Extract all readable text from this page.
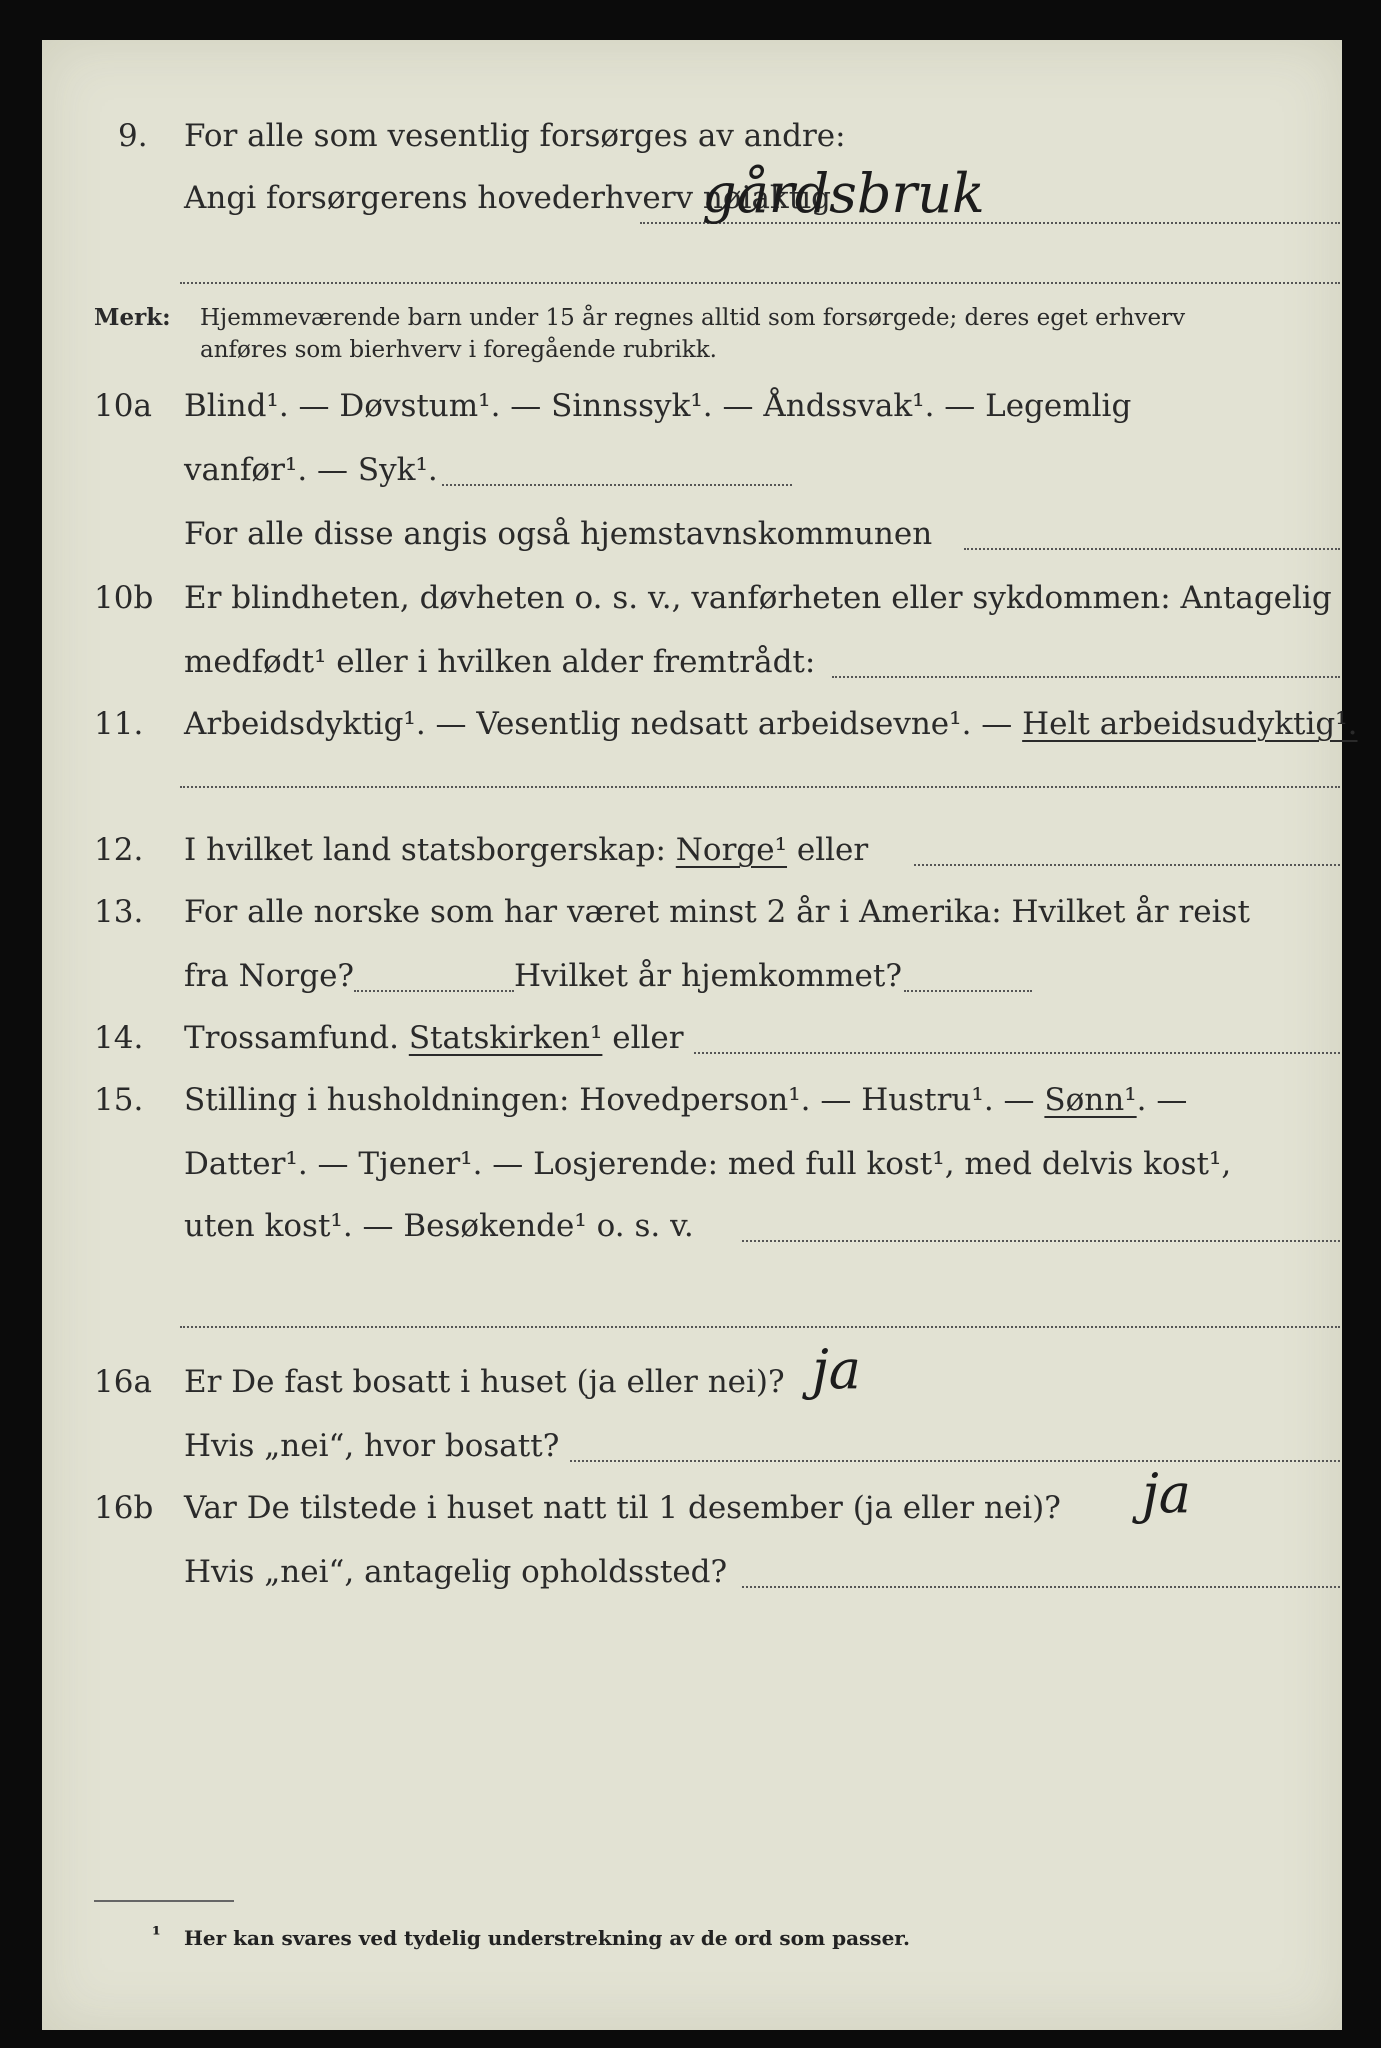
9. For alle som vesentlig forsørges av andre:
Angi forsørgerens hovederhverv nøiaktig
gårdsbruk
Merk: Hjemmeværende barn under 15 år regnes alltid som forsørgede; deres eget erhverv
anføres som bierhverv i foregående rubrikk.
10a Blind¹. — Døvstum¹. — Sinnssyk¹. — Åndssvak¹. — Legemlig
vanfør¹. — Syk¹.
For alle disse angis også hjemstavnskommunen
10b Er blindheten, døvheten o. s. v., vanførheten eller sykdommen: Antagelig
medfødt¹ eller i hvilken alder fremtrådt:
11. Arbeidsdyktig¹. — Vesentlig nedsatt arbeidsevne¹. — Helt arbeidsudyktig¹.
12. I hvilket land statsborgerskap: Norge¹ eller
13. For alle norske som har været minst 2 år i Amerika: Hvilket år reist
fra Norge?	Hvilket år hjemkommet?
14. Trossamfund. Statskirken¹ eller
15. Stilling i husholdningen: Hovedperson¹. — Hustru¹. — Sønn¹. —
Datter¹. — Tjener¹. — Losjerende: med full kost¹, med delvis kost¹,
uten kost¹. — Besøkende¹ o. s. v.
16a Er De fast bosatt i huset (ja eller nei)? ja
Hvis „nei“, hvor bosatt?
16b Var De tilstede i huset natt til 1 desember (ja eller nei)? ja
Hvis „nei“, antagelig opholdssted?
¹ Her kan svares ved tydelig understrekning av de ord som passer.
